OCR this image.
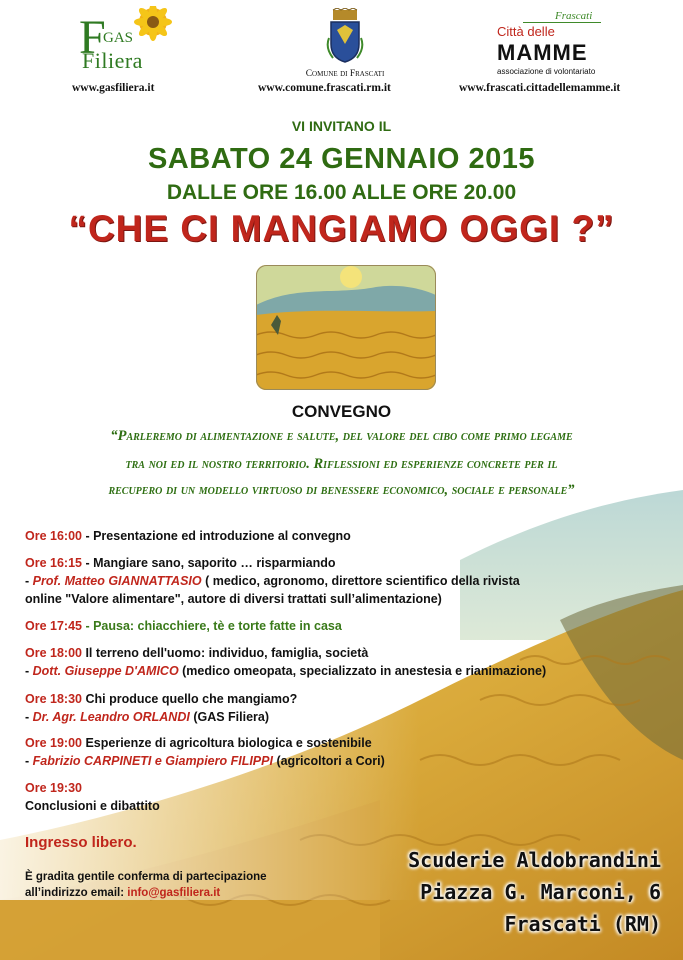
GAS
F
Filiera
www.gasfiliera.it
Comune di Frascati
www.comune.frascati.rm.it
Frascati
Città delle
MAMME
associazione di volontariato
www.frascati.cittadellemamme.it
VI INVITANO IL
SABATO 24 GENNAIO 2015
DALLE ORE 16.00 ALLE ORE 20.00
“CHE CI MANGIAMO OGGI ?”
CONVEGNO
“Parleremo di alimentazione e salute, del valore del cibo come primo legame
tra noi ed il nostro territorio. Riflessioni ed esperienze concrete per il
recupero di un modello virtuoso di benessere economico, sociale e personale”
Ore 16:00 - Presentazione ed introduzione al convegno
Ore 16:15 - Mangiare sano, saporito … risparmiando
- Prof. Matteo GIANNATTASIO ( medico, agronomo, direttore scientifico della rivista
online "Valore alimentare", autore di diversi trattati sull’alimentazione)
Ore 17:45 - Pausa: chiacchiere, tè e torte fatte in casa
Ore 18:00 Il terreno dell'uomo: individuo, famiglia, società
- Dott. Giuseppe D'AMICO (medico omeopata, specializzato in anestesia e rianimazione)
Ore 18:30 Chi produce quello che mangiamo?
- Dr. Agr. Leandro ORLANDI (GAS Filiera)
Ore 19:00 Esperienze di agricoltura biologica e sostenibile
- Fabrizio CARPINETI e Giampiero FILIPPI (agricoltori a Cori)
Ore 19:30
Conclusioni e dibattito
Ingresso libero.
È gradita gentile conferma di partecipazione
all’indirizzo email: info@gasfiliera.it
Scuderie Aldobrandini
Piazza G. Marconi, 6
Frascati (RM)
